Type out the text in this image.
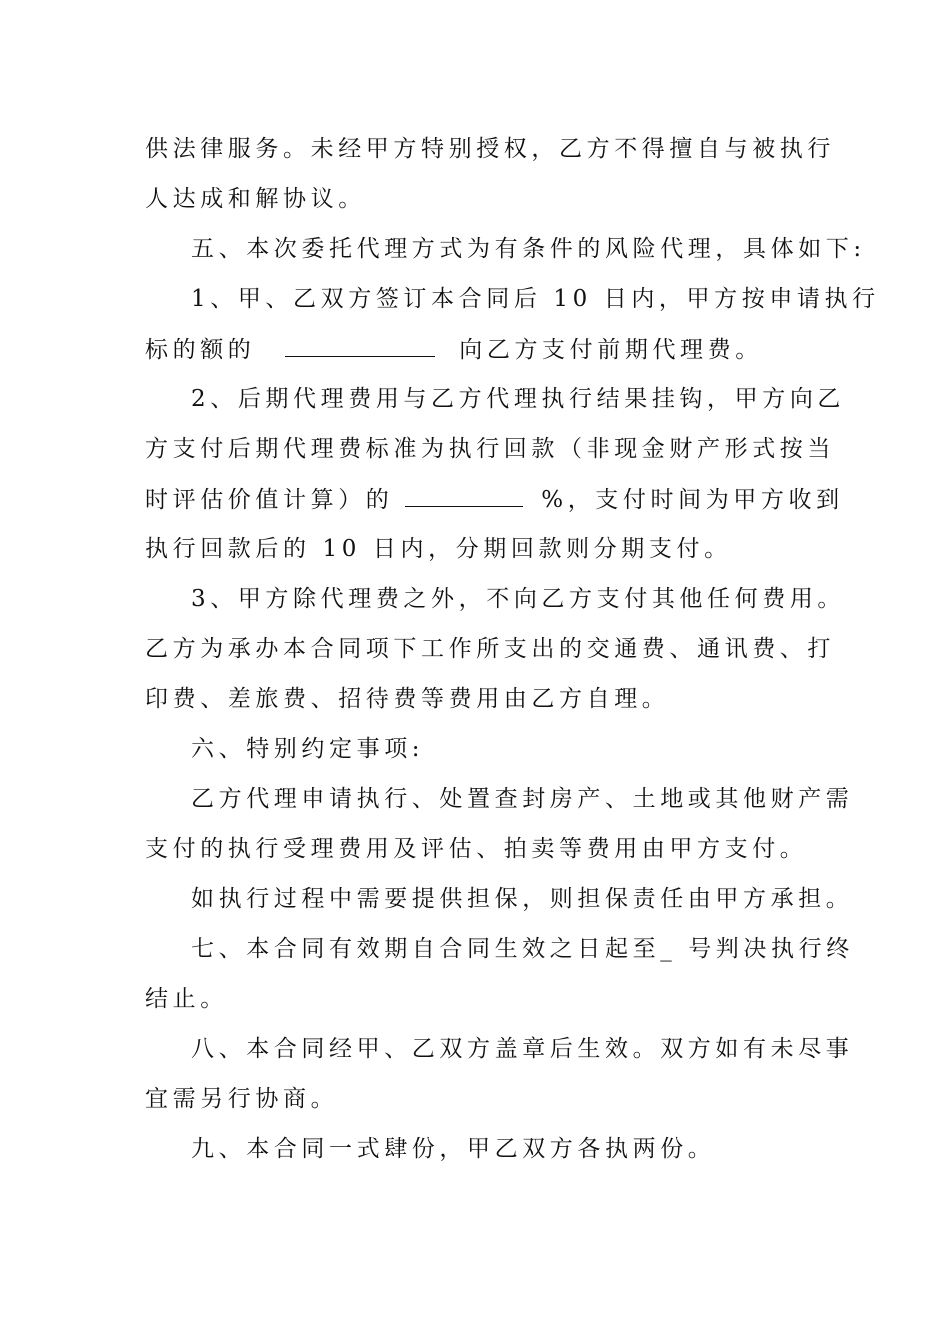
供法律服务。未经甲方特别授权，乙方不得擅自与被执行
人达成和解协议。
五、本次委托代理方式为有条件的风险代理，具体如下:
1、甲、乙双方签订本合同后 10 日内，甲方按申请执行
标的额的	向乙方支付前期代理费。
2、后期代理费用与乙方代理执行结果挂钩，甲方向乙
方支付后期代理费标准为执行回款（非现金财产形式按当
时评估价值计算）的	%，支付时间为甲方收到
执行回款后的 10 日内，分期回款则分期支付。
3、甲方除代理费之外，不向乙方支付其他任何费用。
乙方为承办本合同项下工作所支出的交通费、通讯费、打
印费、差旅费、招待费等费用由乙方自理。
六、特别约定事项:
乙方代理申请执行、处置查封房产、土地或其他财产需
支付的执行受理费用及评估、拍卖等费用由甲方支付。
如执行过程中需要提供担保，则担保责任由甲方承担。
七、本合同有效期自合同生效之日起至_ 号判决执行终
结止。
八、本合同经甲、乙双方盖章后生效。双方如有未尽事
宜需另行协商。
九、本合同一式肆份，甲乙双方各执两份。
